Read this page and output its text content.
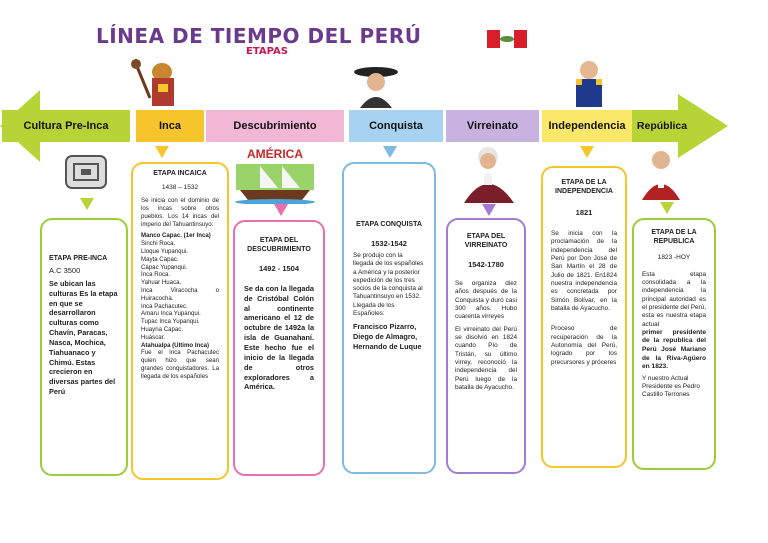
LÍNEA DE TIEMPO DEL PERÚ
ETAPAS
Cultura Pre-Inca	Inca	Descubrimiento	Conquista	Virreinato	Independencia	República
AMÉRICA
ETAPA PRE-INCA
A.C 3500
Se ubican las culturas Es la etapa en que se desarrollaron culturas como Chavín, Paracas, Nasca, Mochica, Tiahuanaco y Chimú. Estas crecieron en diversas partes del Perú
ETAPA INCAICA
1438 – 1532

Se inicia con el dominio de los incas sobre otros pueblos. Los 14 incas del imperio del Tahuantinsuyo:

Manco Capac. (1er Inca)
Sinchi Roca.
Lloque Yupanqui.
Mayta Capac.
Cápac Yupanqui.
Inca Roca.
Yahuar Huaca.
Inca Viracocha o Huiracocha.
Inca Pachacutec.
Amaru Inca Yupanqui.
Tupac Inca Yupanqui.
Huayna Capac.
Huáscar.
Atahualpa (Ultimo Inca)

Fue el Inca Pachacutec quien hizo que sean grandes conquistadores. La llegada de los españoles

ETAPA DEL DESCUBRIMIENTO
1492 - 1504
Se da con la llegada de Cristóbal Colón al continente americano el 12 de octubre de 1492a la isla de Guanahaní. Este hecho fue el inicio de la llegada de otros exploradores a América.
ETAPA CONQUISTA
1532-1542

Se produjo con la llegada de los españoles a América y la posterior expedición de los tres socios de la conquista al Tahuantinsuyo en 1532. Llegada de los Españoles:

Francisco Pizarro, Diego de Almagro, Hernando de Luque
ETAPA DEL VIRREINATO
1542-1780

Se organiza diez años después de la Conquista y duró casi 300 años. Hubo cuarenta virreyes

El virreinato del Perú se disolvió en 1824 cuando Pío de Tristán, su último virrey, reconoció la independencia del Perú luego de la batalla de Ayacucho.

ETAPA DE LA INDEPENDENCIA
1821

Se inicia con la proclamación de la independencia del Perú por Don José de San Martín el 28 de Julio de 1821. En1824 nuestra independencia es concretada por Simón Bolívar, en la batalla de Ayacucho.

Proceso de recuperación de la Autonomía del Perú, logrado por los precursores y próceres

ETAPA DE LA REPUBLICA
1823 -HOY

Esta etapa consolidada a la independencia la principal autoridad es el presidente del Perú, esta es nuestra etapa actual

primer presidente de la republica del Perú José Mariano de la Riva-Agüero en 1823.

Y nuestro Actual Presidente es Pedro Castillo Terrones
